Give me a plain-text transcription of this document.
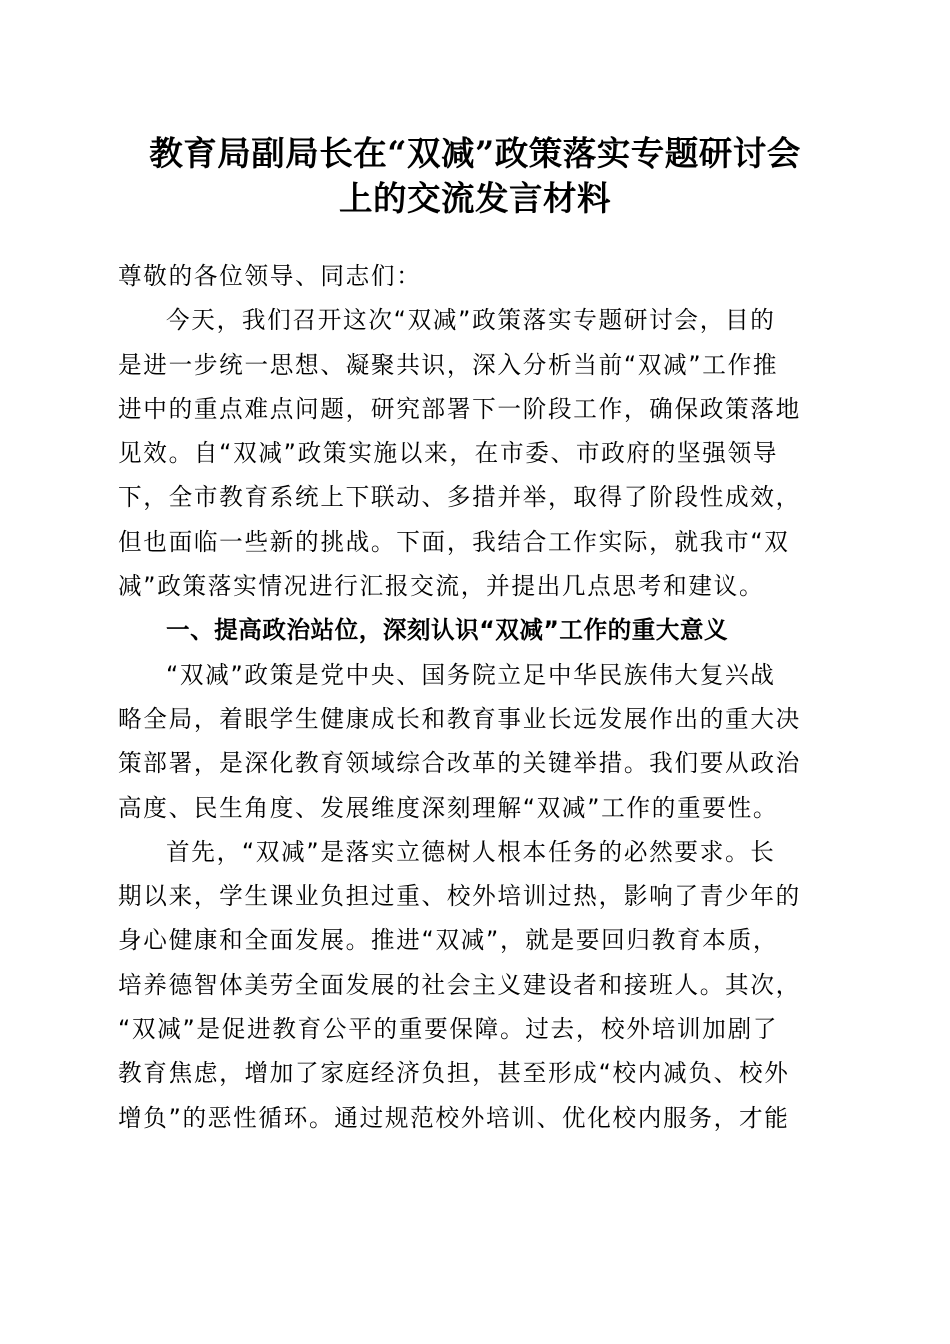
教育局副局长在“双减”政策落实专题研讨会
上的交流发言材料
尊敬的各位领导、同志们：
今天，我们召开这次“双减”政策落实专题研讨会，目的
是进一步统一思想、凝聚共识，深入分析当前“双减”工作推
进中的重点难点问题，研究部署下一阶段工作，确保政策落地
见效。自“双减”政策实施以来，在市委、市政府的坚强领导
下，全市教育系统上下联动、多措并举，取得了阶段性成效，
但也面临一些新的挑战。下面，我结合工作实际，就我市“双
减”政策落实情况进行汇报交流，并提出几点思考和建议。
一、提高政治站位，深刻认识“双减”工作的重大意义
“双减”政策是党中央、国务院立足中华民族伟大复兴战
略全局，着眼学生健康成长和教育事业长远发展作出的重大决
策部署，是深化教育领域综合改革的关键举措。我们要从政治
高度、民生角度、发展维度深刻理解“双减”工作的重要性。
首先，“双减”是落实立德树人根本任务的必然要求。长
期以来，学生课业负担过重、校外培训过热，影响了青少年的
身心健康和全面发展。推进“双减”，就是要回归教育本质，
培养德智体美劳全面发展的社会主义建设者和接班人。其次，
“双减”是促进教育公平的重要保障。过去，校外培训加剧了
教育焦虑，增加了家庭经济负担，甚至形成“校内减负、校外
增负”的恶性循环。通过规范校外培训、优化校内服务，才能
